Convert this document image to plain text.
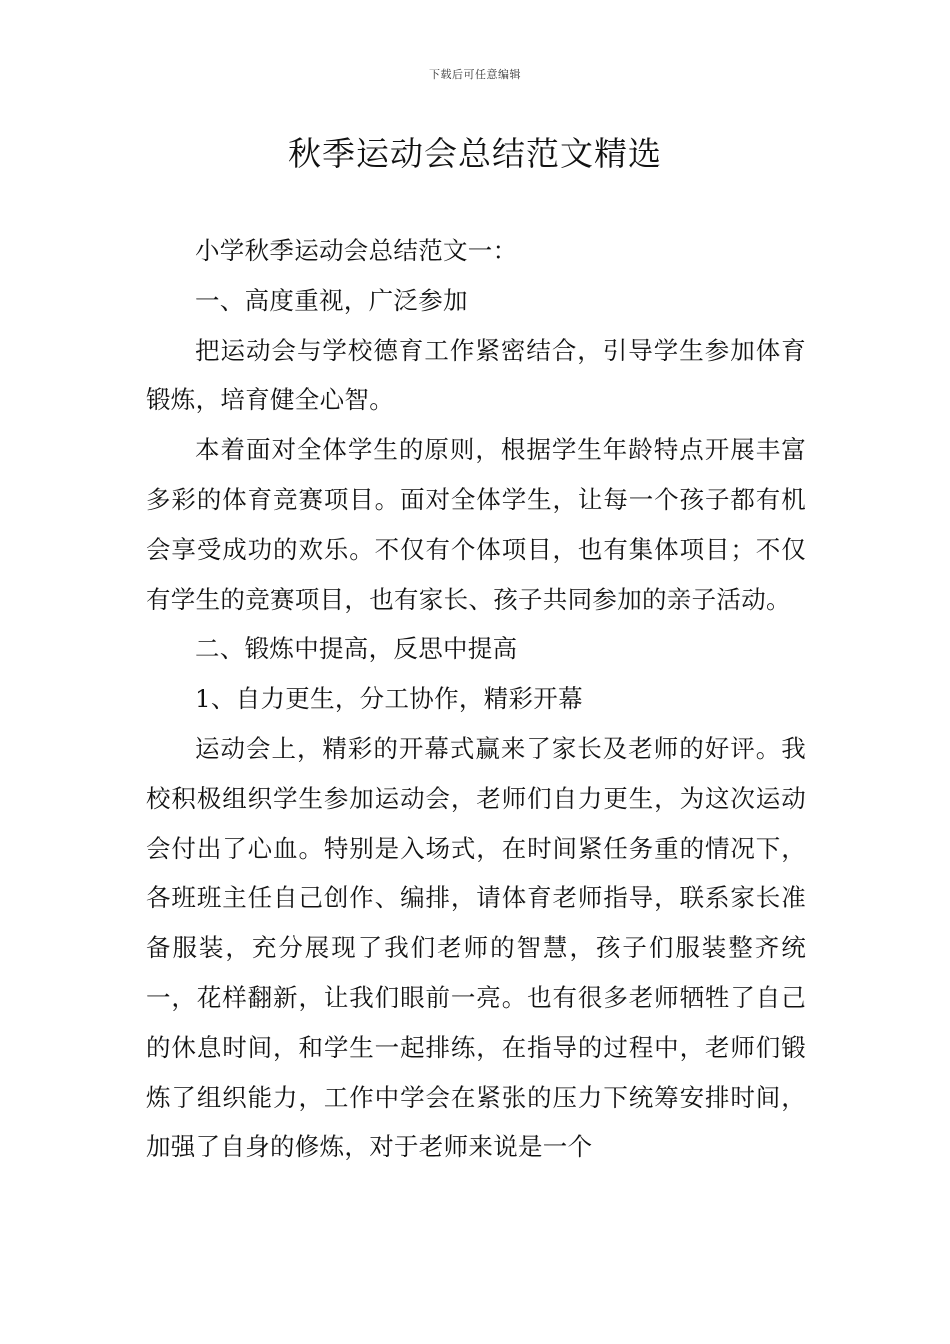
下载后可任意编辑
秋季运动会总结范文精选

小学秋季运动会总结范文一：

一、高度重视，广泛参加

把运动会与学校德育工作紧密结合，引导学生参加体育锻炼，培育健全心智。

本着面对全体学生的原则，根据学生年龄特点开展丰富多彩的体育竞赛项目。面对全体学生，让每一个孩子都有机会享受成功的欢乐。不仅有个体项目，也有集体项目；不仅有学生的竞赛项目，也有家长、孩子共同参加的亲子活动。

二、锻炼中提高，反思中提高

1、自力更生，分工协作，精彩开幕

运动会上，精彩的开幕式赢来了家长及老师的好评。我校积极组织学生参加运动会，老师们自力更生，为这次运动会付出了心血。特别是入场式，在时间紧任务重的情况下，各班班主任自己创作、编排，请体育老师指导，联系家长准备服装，充分展现了我们老师的智慧，孩子们服装整齐统一，花样翻新，让我们眼前一亮。也有很多老师牺牲了自己的休息时间，和学生一起排练，在指导的过程中，老师们锻炼了组织能力，工作中学会在紧张的压力下统筹安排时间，加强了自身的修炼，对于老师来说是一个
